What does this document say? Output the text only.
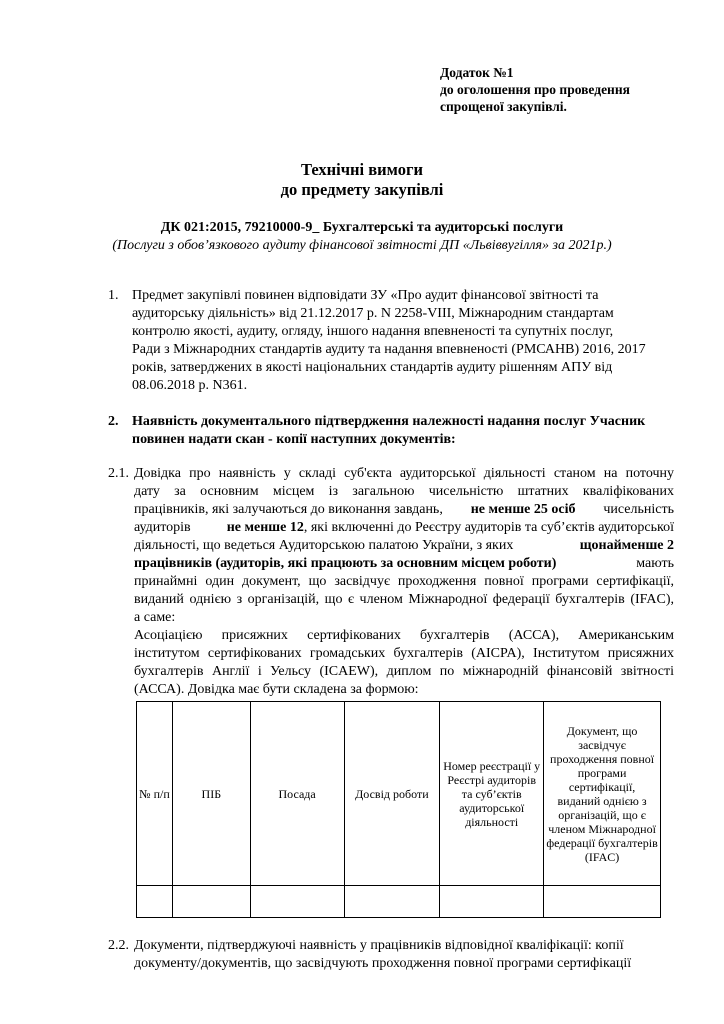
Додаток №1
до оголошення про проведення
спрощеної закупівлі.
Технічні вимоги
до предмету закупівлі
ДК 021:2015, 79210000-9_ Бухгалтерські та аудиторські послуги
(Послуги з обов’язкового аудиту фінансової звітності ДП «Львіввугілля» за 2021р.)
1. Предмет закупівлі повинен відповідати ЗУ «Про аудит фінансової звітності та
аудиторську діяльність» від 21.12.2017 р. N 2258-VIII, Міжнародним стандартам
контролю якості, аудиту, огляду, іншого надання впевненості та супутніх послуг,
Ради з Міжнародних стандартів аудиту та надання впевненості (РМСАНВ) 2016, 2017
років, затверджених в якості національних стандартів аудиту рішенням АПУ від
08.06.2018 р. N361.
2. Наявність документального підтвердження належності надання послуг Учасник
повинен надати скан - копії наступних документів:
2.1. Довідка про наявність у складі суб'єкта аудиторської діяльності станом на поточну
дату за основним місцем із загальною чисельністю штатних кваліфікованих
працівників, які залучаються до виконання завдань, не менше 25 осіб чисельність
аудиторів	не менше 12, які включенні до Реєстру аудиторів та суб’єктів аудиторської
діяльності, що ведеться Аудиторською палатою України, з яких	щонайменше 2
працівників (аудиторів, які працюють за основним місцем роботи)	мають
принаймні один документ, що засвідчує проходження повної програми сертифікації,
виданий однією з організацій, що є членом Міжнародної федерації бухгалтерів (IFAC),
а саме:
Асоціацією присяжних сертифікованих бухгалтерів (АССА), Американським
інститутом сертифікованих громадських бухгалтерів (AICPA), Інститутом присяжних
бухгалтерів Англії і Уельсу (ICAEW), диплом по міжнародній фінансовій звітності
(АССА). Довідка має бути складена за формою:
№ п/п	ПІБ	Посада	Досвід роботи	Номер реєстрації у Реєстрі аудиторів та суб’єктів аудиторської діяльності	Документ, що засвідчує проходження повної програми сертифікації, виданий однією з організацій, що є членом Міжнародної федерації бухгалтерів (IFAC)

2.2. Документи, підтверджуючі наявність у працівників відповідної кваліфікації: копії
документу/документів, що засвідчують проходження повної програми сертифікації
